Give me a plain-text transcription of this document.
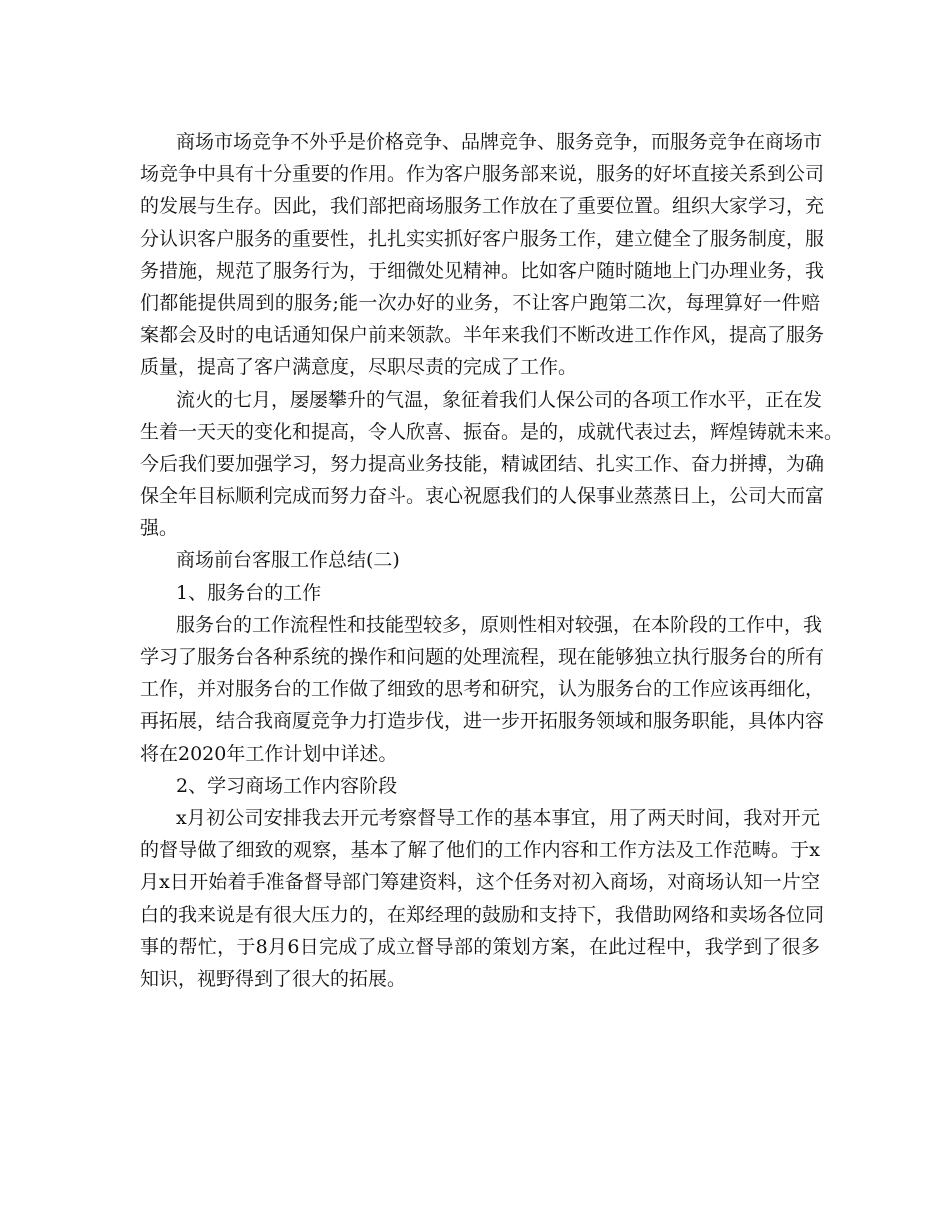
商场市场竞争不外乎是价格竞争、品牌竞争、服务竞争，而服务竞争在商场市
场竞争中具有十分重要的作用。作为客户服务部来说，服务的好坏直接关系到公司
的发展与生存。因此，我们部把商场服务工作放在了重要位置。组织大家学习，充
分认识客户服务的重要性，扎扎实实抓好客户服务工作，建立健全了服务制度，服
务措施，规范了服务行为，于细微处见精神。比如客户随时随地上门办理业务，我
们都能提供周到的服务;能一次办好的业务，不让客户跑第二次，每理算好一件赔
案都会及时的电话通知保户前来领款。半年来我们不断改进工作作风，提高了服务
质量，提高了客户满意度，尽职尽责的完成了工作。
流火的七月，屡屡攀升的气温，象征着我们人保公司的各项工作水平，正在发
生着一天天的变化和提高，令人欣喜、振奋。是的，成就代表过去，辉煌铸就未来。
今后我们要加强学习，努力提高业务技能，精诚团结、扎实工作、奋力拼搏，为确
保全年目标顺利完成而努力奋斗。衷心祝愿我们的人保事业蒸蒸日上，公司大而富
强。
商场前台客服工作总结(二)
1、服务台的工作
服务台的工作流程性和技能型较多，原则性相对较强，在本阶段的工作中，我
学习了服务台各种系统的操作和问题的处理流程，现在能够独立执行服务台的所有
工作，并对服务台的工作做了细致的思考和研究，认为服务台的工作应该再细化，
再拓展，结合我商厦竞争力打造步伐，进一步开拓服务领域和服务职能，具体内容
将在2020年工作计划中详述。
2、学习商场工作内容阶段
x月初公司安排我去开元考察督导工作的基本事宜，用了两天时间，我对开元
的督导做了细致的观察，基本了解了他们的工作内容和工作方法及工作范畴。于x
月x日开始着手准备督导部门筹建资料，这个任务对初入商场，对商场认知一片空
白的我来说是有很大压力的，在郑经理的鼓励和支持下，我借助网络和卖场各位同
事的帮忙，于8月6日完成了成立督导部的策划方案，在此过程中，我学到了很多
知识，视野得到了很大的拓展。
